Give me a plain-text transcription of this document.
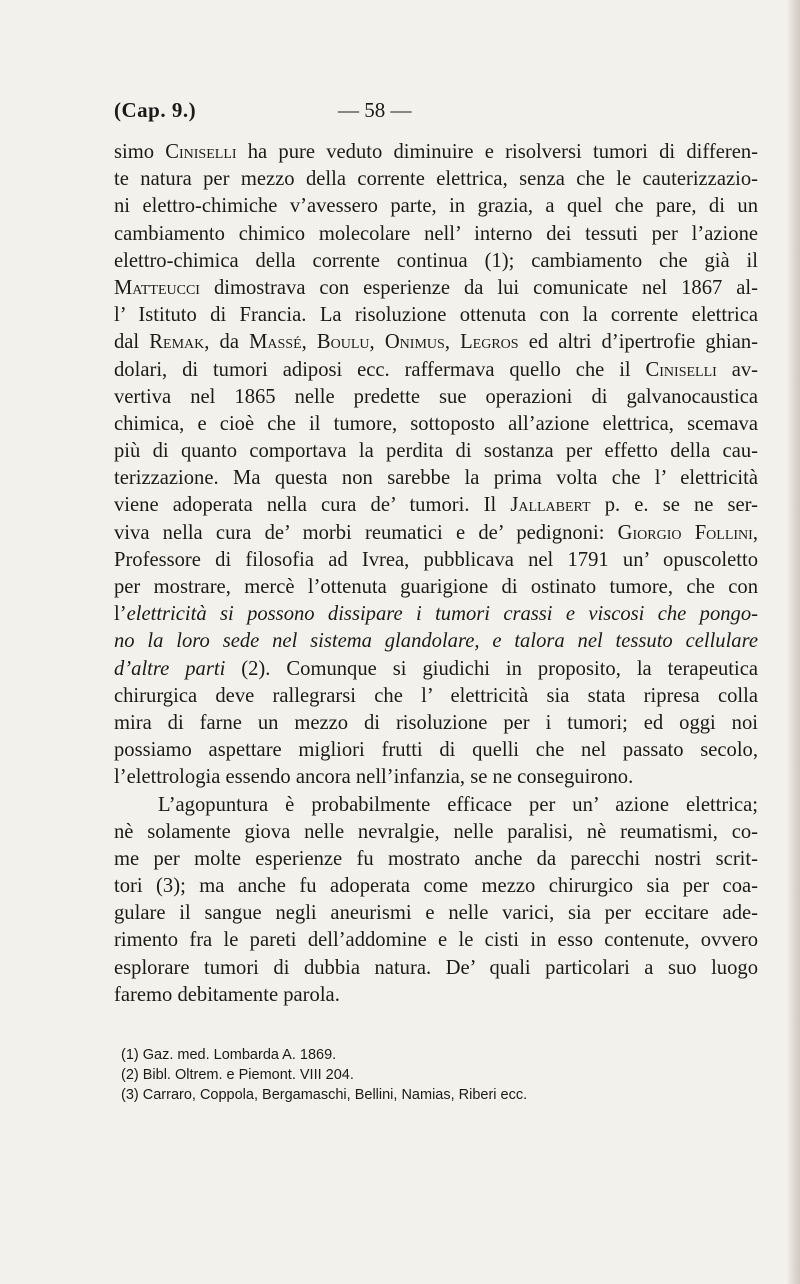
(Cap. 9.)	— 58 —
simo Ciniselli ha pure veduto diminuire e risolversi tumori di differen-
te natura per mezzo della corrente elettrica, senza che le cauterizzazio-
ni elettro-chimiche v’avessero parte, in grazia, a quel che pare, di un
cambiamento chimico molecolare nell’ interno dei tessuti per l’azione
elettro-chimica della corrente continua (1); cambiamento che già il
Matteucci dimostrava con esperienze da lui comunicate nel 1867 al-
l’ Istituto di Francia. La risoluzione ottenuta con la corrente elettrica
dal Remak, da Massé, Boulu, Onimus, Legros ed altri d’ipertrofie ghian-
dolari, di tumori adiposi ecc. raffermava quello che il Ciniselli av-
vertiva nel 1865 nelle predette sue operazioni di galvanocaustica
chimica, e cioè che il tumore, sottoposto all’azione elettrica, scemava
più di quanto comportava la perdita di sostanza per effetto della cau-
terizzazione. Ma questa non sarebbe la prima volta che l’ elettricità
viene adoperata nella cura de’ tumori. Il Jallabert p. e. se ne ser-
viva nella cura de’ morbi reumatici e de’ pedignoni: Giorgio Follini,
Professore di filosofia ad Ivrea, pubblicava nel 1791 un’ opuscoletto
per mostrare, mercè l’ottenuta guarigione di ostinato tumore, che con
l’elettricità si possono dissipare i tumori crassi e viscosi che pongo-
no la loro sede nel sistema glandolare, e talora nel tessuto cellulare
d’altre parti (2). Comunque si giudichi in proposito, la terapeutica
chirurgica deve rallegrarsi che l’ elettricità sia stata ripresa colla
mira di farne un mezzo di risoluzione per i tumori; ed oggi noi
possiamo aspettare migliori frutti di quelli che nel passato secolo,
l’elettrologia essendo ancora nell’infanzia, se ne conseguirono.
L’agopuntura è probabilmente efficace per un’ azione elettrica;
nè solamente giova nelle nevralgie, nelle paralisi, nè reumatismi, co-
me per molte esperienze fu mostrato anche da parecchi nostri scrit-
tori (3); ma anche fu adoperata come mezzo chirurgico sia per coa-
gulare il sangue negli aneurismi e nelle varici, sia per eccitare ade-
rimento fra le pareti dell’addomine e le cisti in esso contenute, ovvero
esplorare tumori di dubbia natura. De’ quali particolari a suo luogo
faremo debitamente parola.
(1) Gaz. med. Lombarda A. 1869.
(2) Bibl. Oltrem. e Piemont. VIII 204.
(3) Carraro, Coppola, Bergamaschi, Bellini, Namias, Riberi ecc.
